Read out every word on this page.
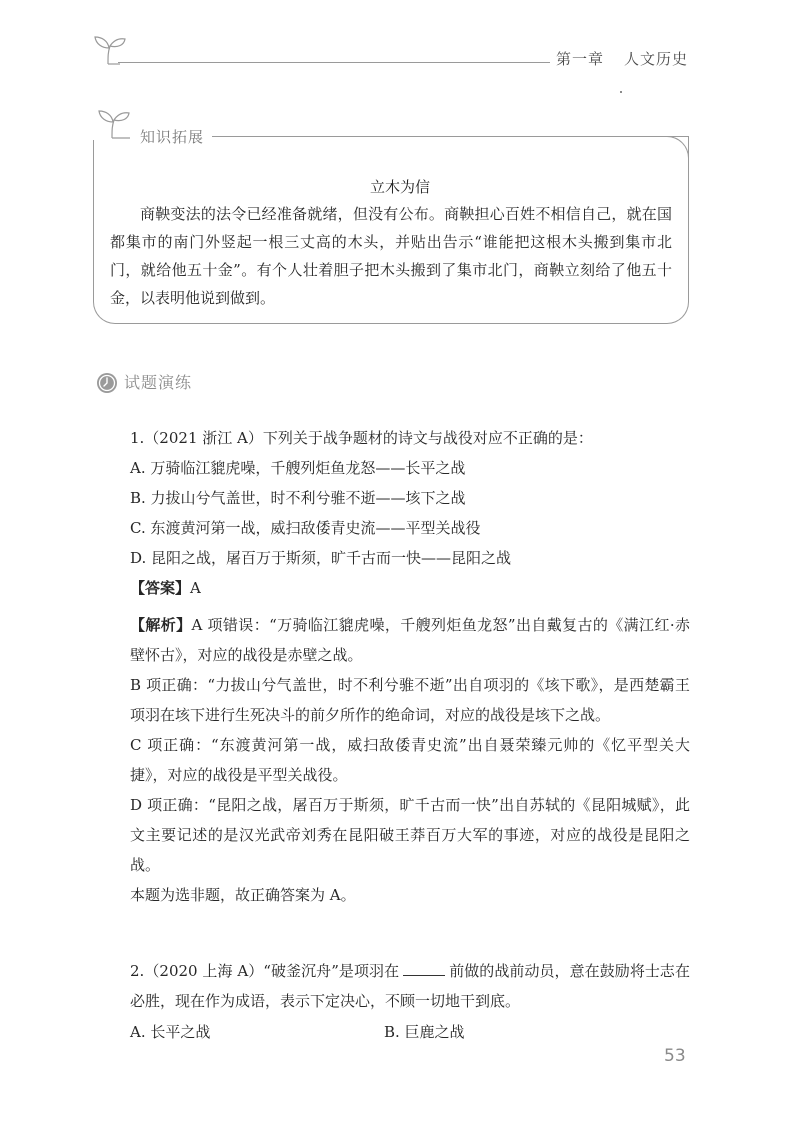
第一章 人文历史
知识拓展
立木为信

商鞅变法的法令已经准备就绪，但没有公布。商鞅担心百姓不相信自己，就在国都集市的南门外竖起一根三丈高的木头，并贴出告示“谁能把这根木头搬到集市北门，就给他五十金”。有个人壮着胆子把木头搬到了集市北门，商鞅立刻给了他五十金，以表明他说到做到。

试题演练

1.（2021 浙江 A）下列关于战争题材的诗文与战役对应不正确的是：

A. 万骑临江貔虎噪，千艘列炬鱼龙怒——长平之战

B. 力拔山兮气盖世，时不利兮骓不逝——垓下之战

C. 东渡黄河第一战，威扫敌倭青史流——平型关战役

D. 昆阳之战，屠百万于斯须，旷千古而一快——昆阳之战

【答案】A

【解析】A 项错误：“万骑临江貔虎噪，千艘列炬鱼龙怒”出自戴复古的《满江红·赤壁怀古》，对应的战役是赤壁之战。

B 项正确：“力拔山兮气盖世，时不利兮骓不逝”出自项羽的《垓下歌》，是西楚霸王项羽在垓下进行生死决斗的前夕所作的绝命词，对应的战役是垓下之战。

C 项正确：“东渡黄河第一战，威扫敌倭青史流”出自聂荣臻元帅的《忆平型关大捷》，对应的战役是平型关战役。

D 项正确：“昆阳之战，屠百万于斯须，旷千古而一快”出自苏轼的《昆阳城赋》，此文主要记述的是汉光武帝刘秀在昆阳破王莽百万大军的事迹，对应的战役是昆阳之战。

本题为选非题，故正确答案为 A。

2.（2020 上海 A）“破釜沉舟”是项羽在	前做的战前动员，意在鼓励将士志在必胜，现在作为成语，表示下定决心，不顾一切地干到底。

A. 长平之战	B. 巨鹿之战
53
